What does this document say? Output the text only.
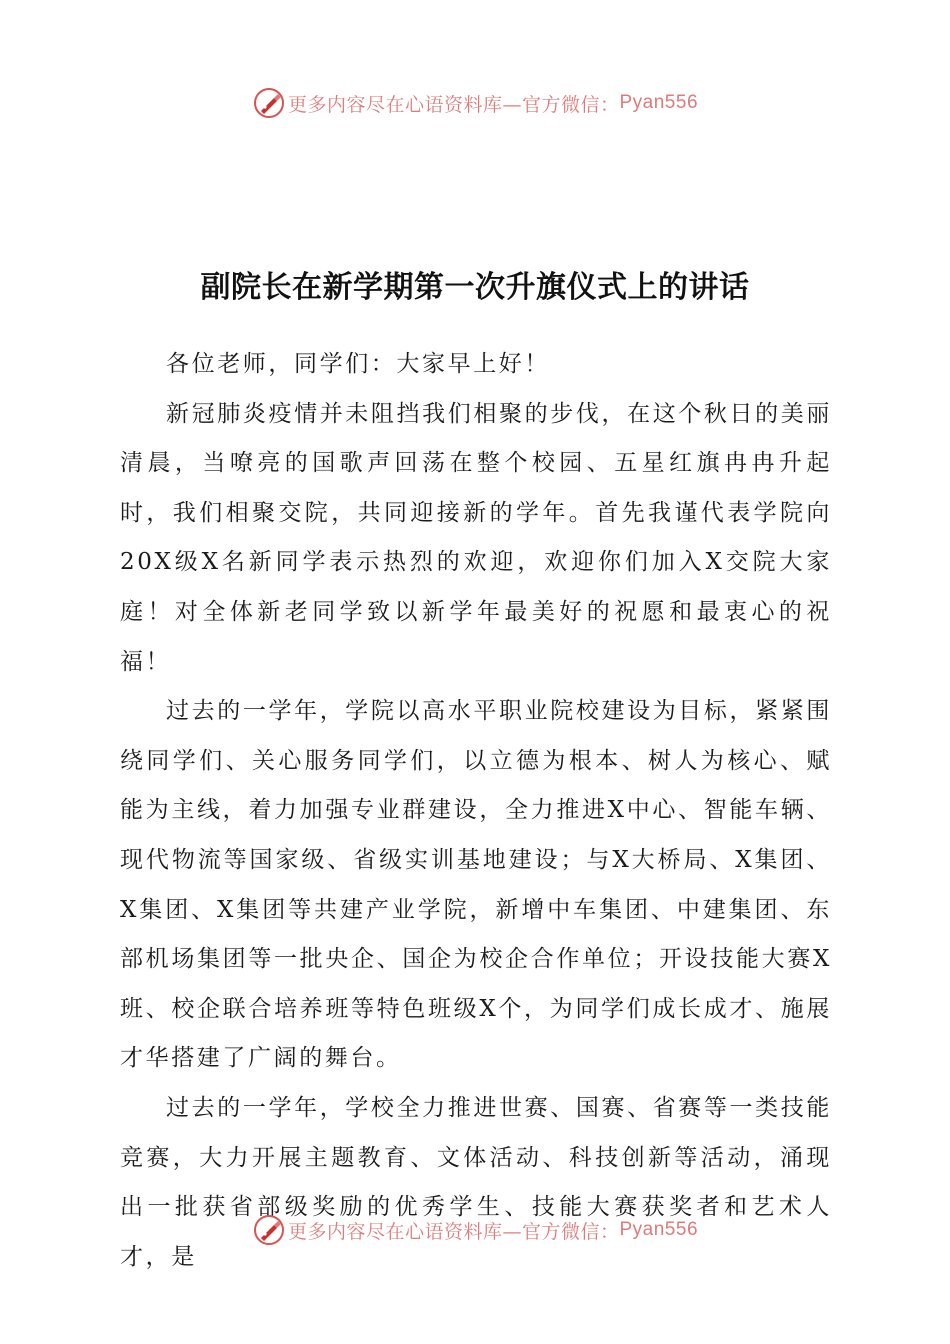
更多内容尽在心语资料库—官方微信： Pyan556
副院长在新学期第一次升旗仪式上的讲话

各位老师，同学们：大家早上好！

新冠肺炎疫情并未阻挡我们相聚的步伐，在这个秋日的美丽清晨，当嘹亮的国歌声回荡在整个校园、五星红旗冉冉升起时，我们相聚交院，共同迎接新的学年。首先我谨代表学院向20X级X名新同学表示热烈的欢迎，欢迎你们加入X交院大家庭！对全体新老同学致以新学年最美好的祝愿和最衷心的祝福！

过去的一学年，学院以高水平职业院校建设为目标，紧紧围绕同学们、关心服务同学们，以立德为根本、树人为核心、赋能为主线，着力加强专业群建设，全力推进X中心、智能车辆、现代物流等国家级、省级实训基地建设；与X大桥局、X集团、X集团、X集团等共建产业学院，新增中车集团、中建集团、东部机场集团等一批央企、国企为校企合作单位；开设技能大赛X班、校企联合培养班等特色班级X个，为同学们成长成才、施展才华搭建了广阔的舞台。

过去的一学年，学校全力推进世赛、国赛、省赛等一类技能竞赛，大力开展主题教育、文体活动、科技创新等活动，涌现出一批获省部级奖励的优秀学生、技能大赛获奖者和艺术人才，是

更多内容尽在心语资料库—官方微信： Pyan556
